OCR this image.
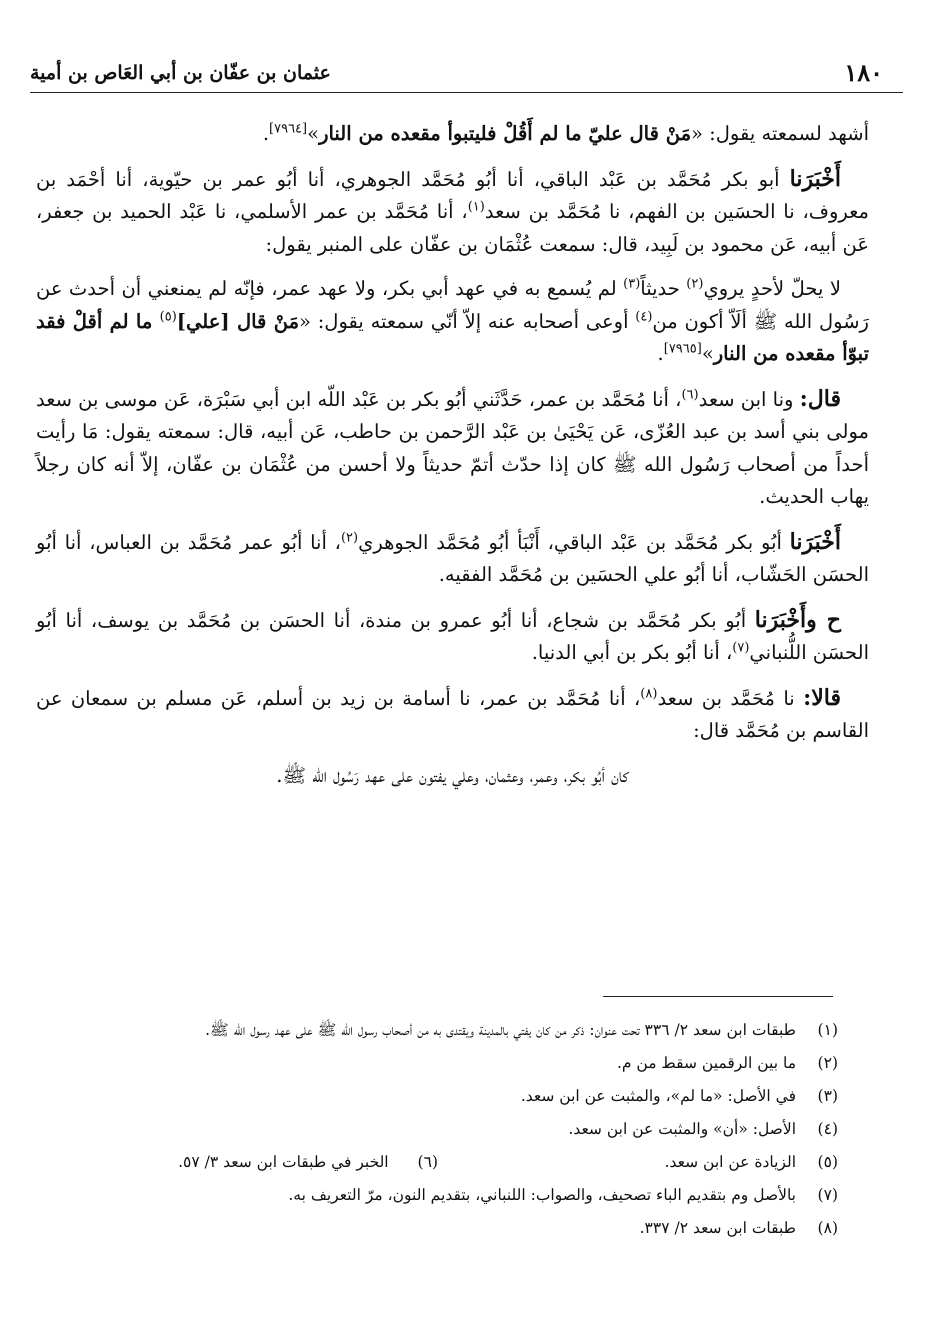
١٨٠
عثمان بن عفّان بن أبي العَاص بن أمية

أشهد لسمعته يقول: «مَنْ قال عليّ ما لم أَقُلْ فليتبوأ مقعده من النار»[٧٩٦٤].

أَخْبَرَنا أبو بكر مُحَمَّد بن عَبْد الباقي، أنا أبُو مُحَمَّد الجوهري، أنا أبُو عمر بن حيّوية، أنا أحْمَد بن معروف، نا الحسَين بن الفهم، نا مُحَمَّد بن سعد$^{(١)}$، أنا مُحَمَّد بن عمر الأسلمي، نا عَبْد الحميد بن جعفر، عَن أبيه، عَن محمود بن لَبِيد، قال: سمعت عُثْمَان بن عفّان على المنبر يقول:

لا يحلّ لأحدٍ يروي$^{(٢)}$ حديثاً$^{(٣)}$ لم يُسمع به في عهد أبي بكر، ولا عهد عمر، فإنّه لم يمنعني أن أحدث عن رَسُول الله ﷺ ألَاّ أكون من$^{(٤)}$ أوعى أصحابه عنه إلاّ أنّي سمعته يقول: «مَنْ قال [علي]$^{(٥)}$ ما لم أقلْ فقد تبوّأ مقعده من النار»[٧٩٦٥].

قال: ونا ابن سعد$^{(٦)}$، أنا مُحَمَّد بن عمر، حَدَّثَني أبُو بكر بن عَبْد اللّه ابن أبي سَبْرَة، عَن موسى بن سعد مولى بني أسد بن عبد العُزّى، عَن يَحْيَىٰ بن عَبْد الرَّحمن بن حاطب، عَن أبيه، قال: سمعته يقول: مَا رأيت أحداً من أصحاب رَسُول الله ﷺ كان إذا حدّث أتمّ حديثاً ولا أحسن من عُثْمَان بن عفّان، إلاّ أنه كان رجلاً يهاب الحديث.

أَخْبَرَنا أبُو بكر مُحَمَّد بن عَبْد الباقي، أَنْبَأ أبُو مُحَمَّد الجوهري$^{(٢)}$، أنا أبُو عمر مُحَمَّد بن العباس، أنا أبُو الحسَن الحَشّاب، أنا أبُو علي الحسَين بن مُحَمَّد الفقيه.

ح وأَخْبَرَنا أبُو بكر مُحَمَّد بن شجاع، أنا أبُو عمرو بن مندة، أنا الحسَن بن مُحَمَّد بن يوسف، أنا أبُو الحسَن اللُّنباني$^{(٧)}$، أنا أبُو بكر بن أبي الدنيا.

قالا: نا مُحَمَّد بن سعد$^{(٨)}$، أنا مُحَمَّد بن عمر، نا أسامة بن زيد بن أسلم، عَن مسلم بن سمعان عن القاسم بن مُحَمَّد قال:

كان أبُو بكر، وعمر، وعثمان، وعلي يفتون على عهد رَسُول الله ﷺ.

(١)
طبقات ابن سعد ٢/ ٣٣٦ تحت عنوان: ذكر من كان يفتي بالمدينة ويقتدى به من أصحاب رسول الله ﷺ على عهد رسول الله ﷺ.

(٢)
ما بين الرقمين سقط من م.

(٣)
في الأصل: «ما لم»، والمثبت عن ابن سعد.

(٤)
الأصل: «أن» والمثبت عن ابن سعد.

(٥)
الزيادة عن ابن سعد.
(٦) الخبر في طبقات ابن سعد ٣/ ٥٧.

(٧)
بالأصل وم بتقديم الباء تصحيف، والصواب: اللنباني، بتقديم النون، مرّ التعريف به.

(٨)
طبقات ابن سعد ٢/ ٣٣٧.
